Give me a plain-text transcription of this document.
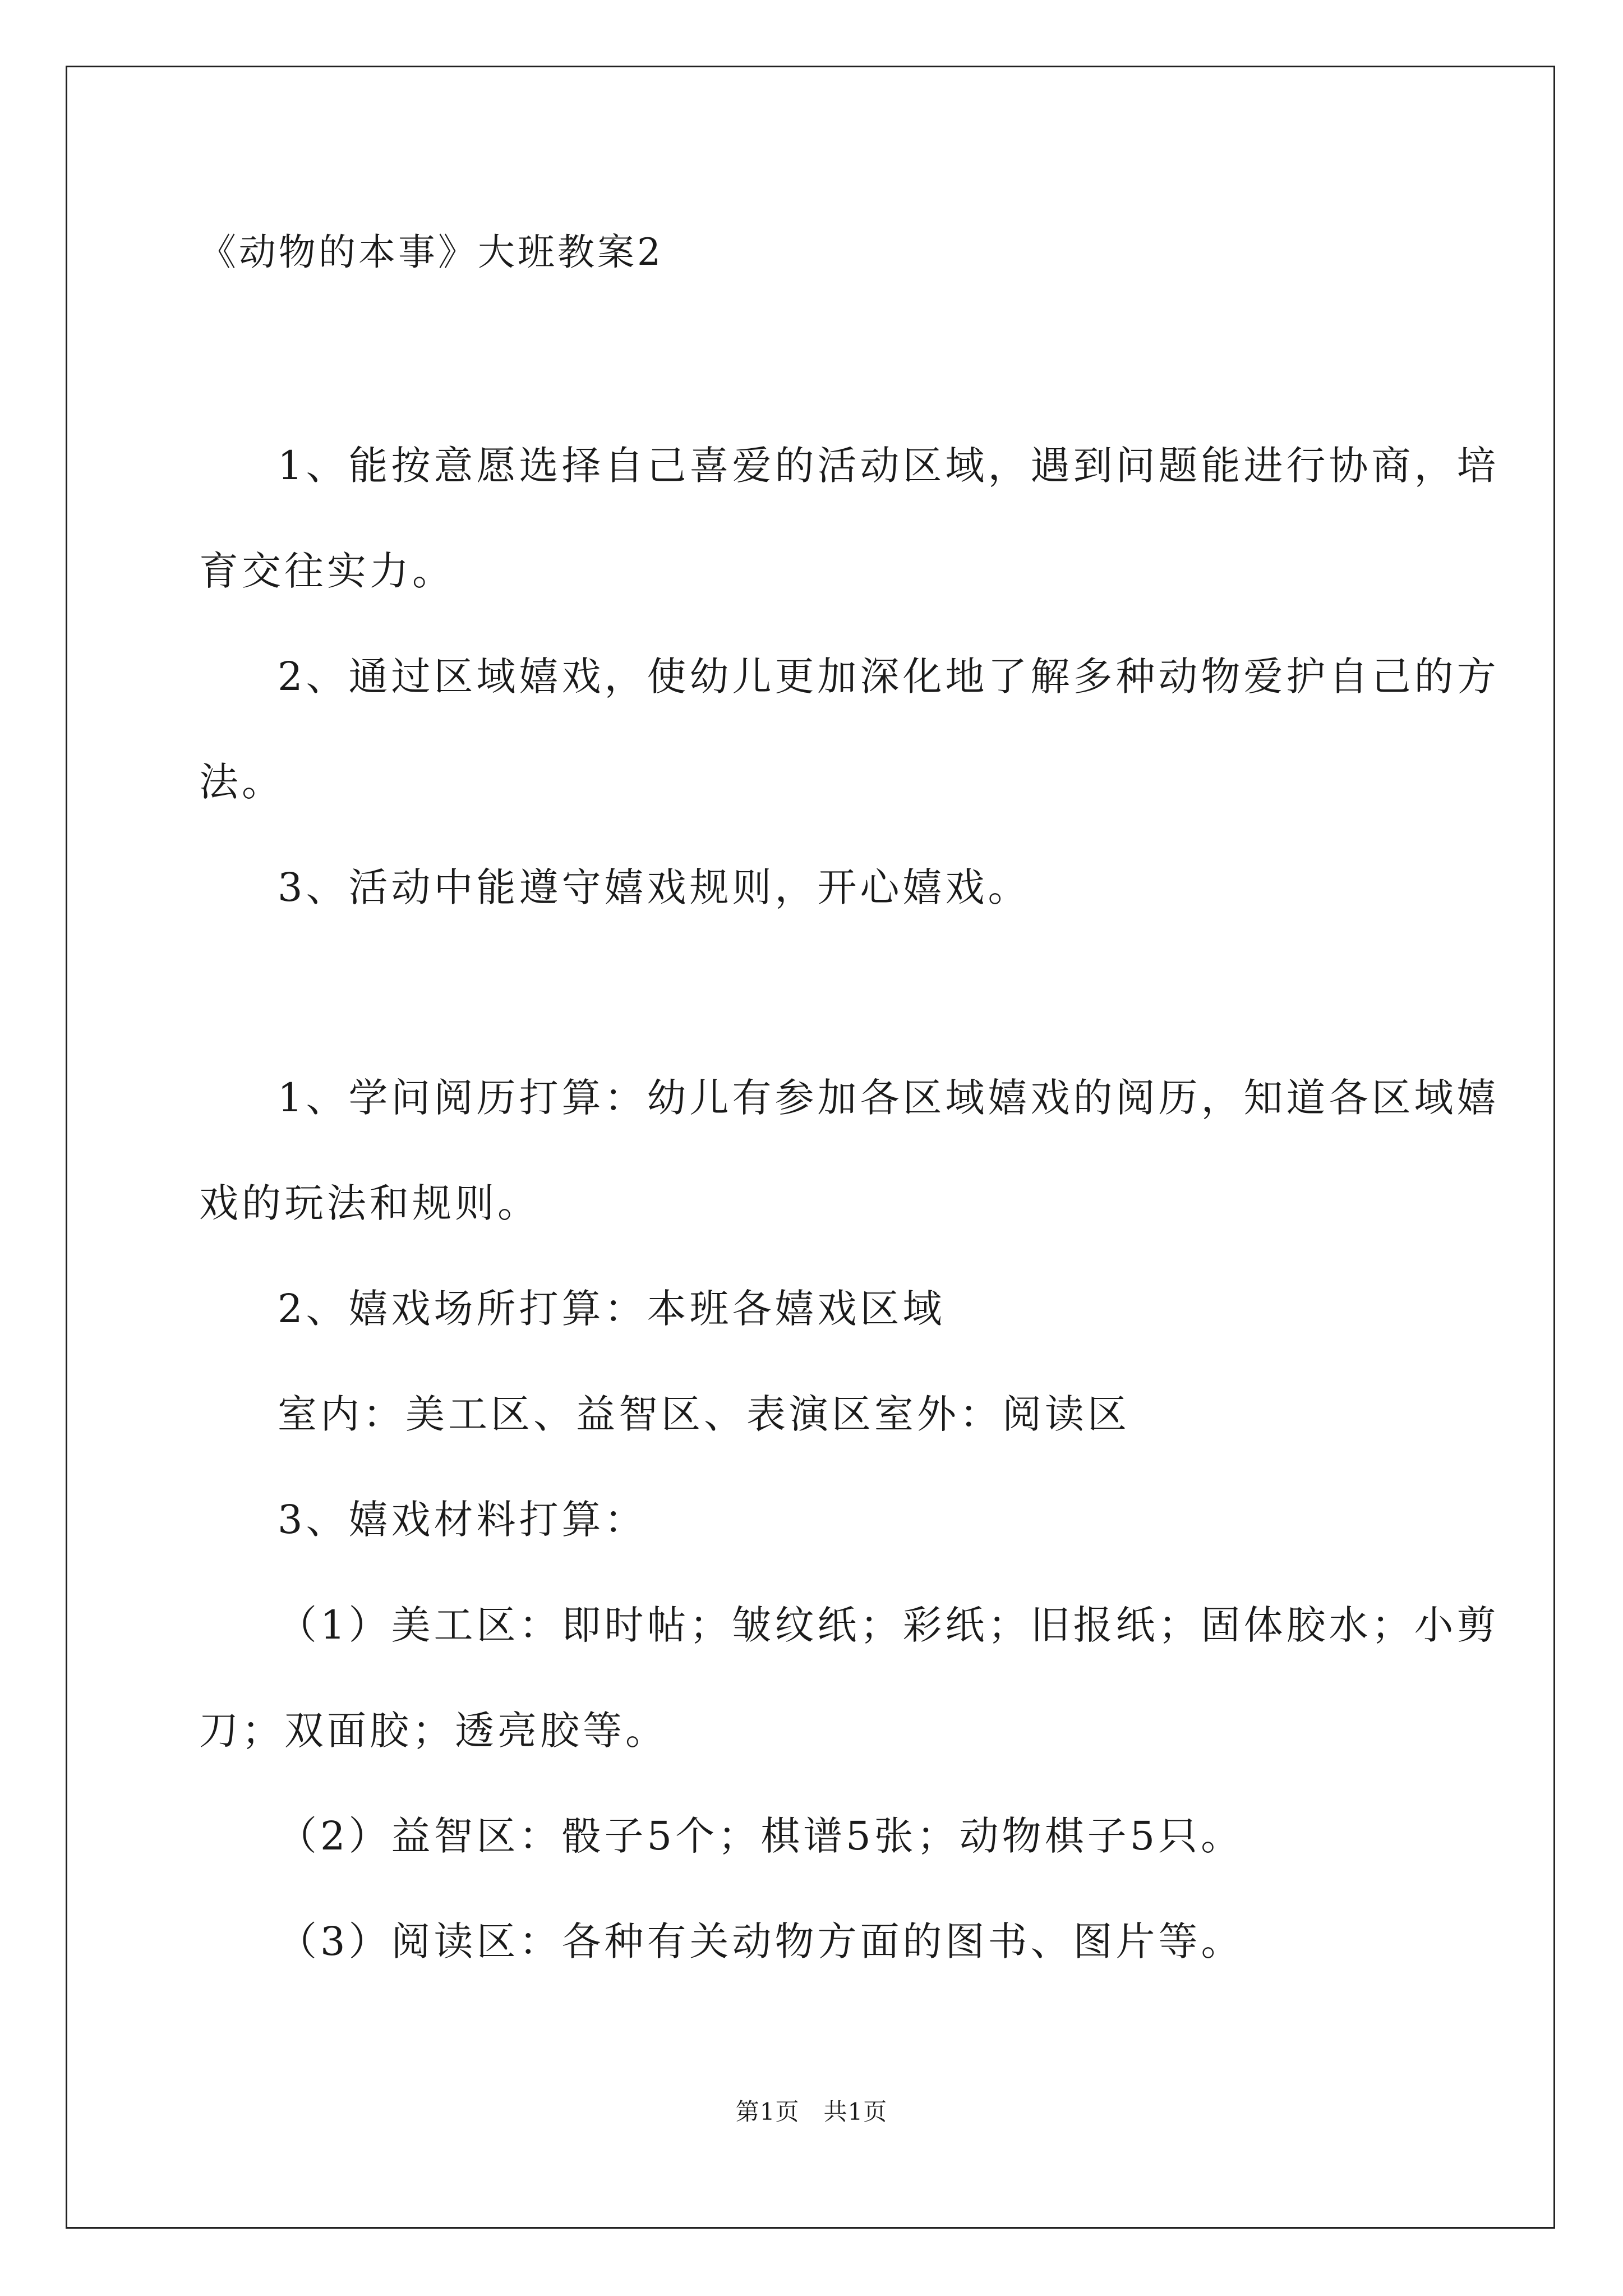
《动物的本事》大班教案2
1、能按意愿选择自己喜爱的活动区域，遇到问题能进行协商，培
育交往实力。
2、通过区域嬉戏，使幼儿更加深化地了解多种动物爱护自己的方
法。
3、活动中能遵守嬉戏规则，开心嬉戏。
1、学问阅历打算：幼儿有参加各区域嬉戏的阅历，知道各区域嬉
戏的玩法和规则。
2、嬉戏场所打算：本班各嬉戏区域
室内：美工区、益智区、表演区室外：阅读区
3、嬉戏材料打算：
（1）美工区：即时帖；皱纹纸；彩纸；旧报纸；固体胶水；小剪
刀；双面胶；透亮胶等。
（2）益智区：骰子5个；棋谱5张；动物棋子5只。
（3）阅读区：各种有关动物方面的图书、图片等。
第1页   共1页
